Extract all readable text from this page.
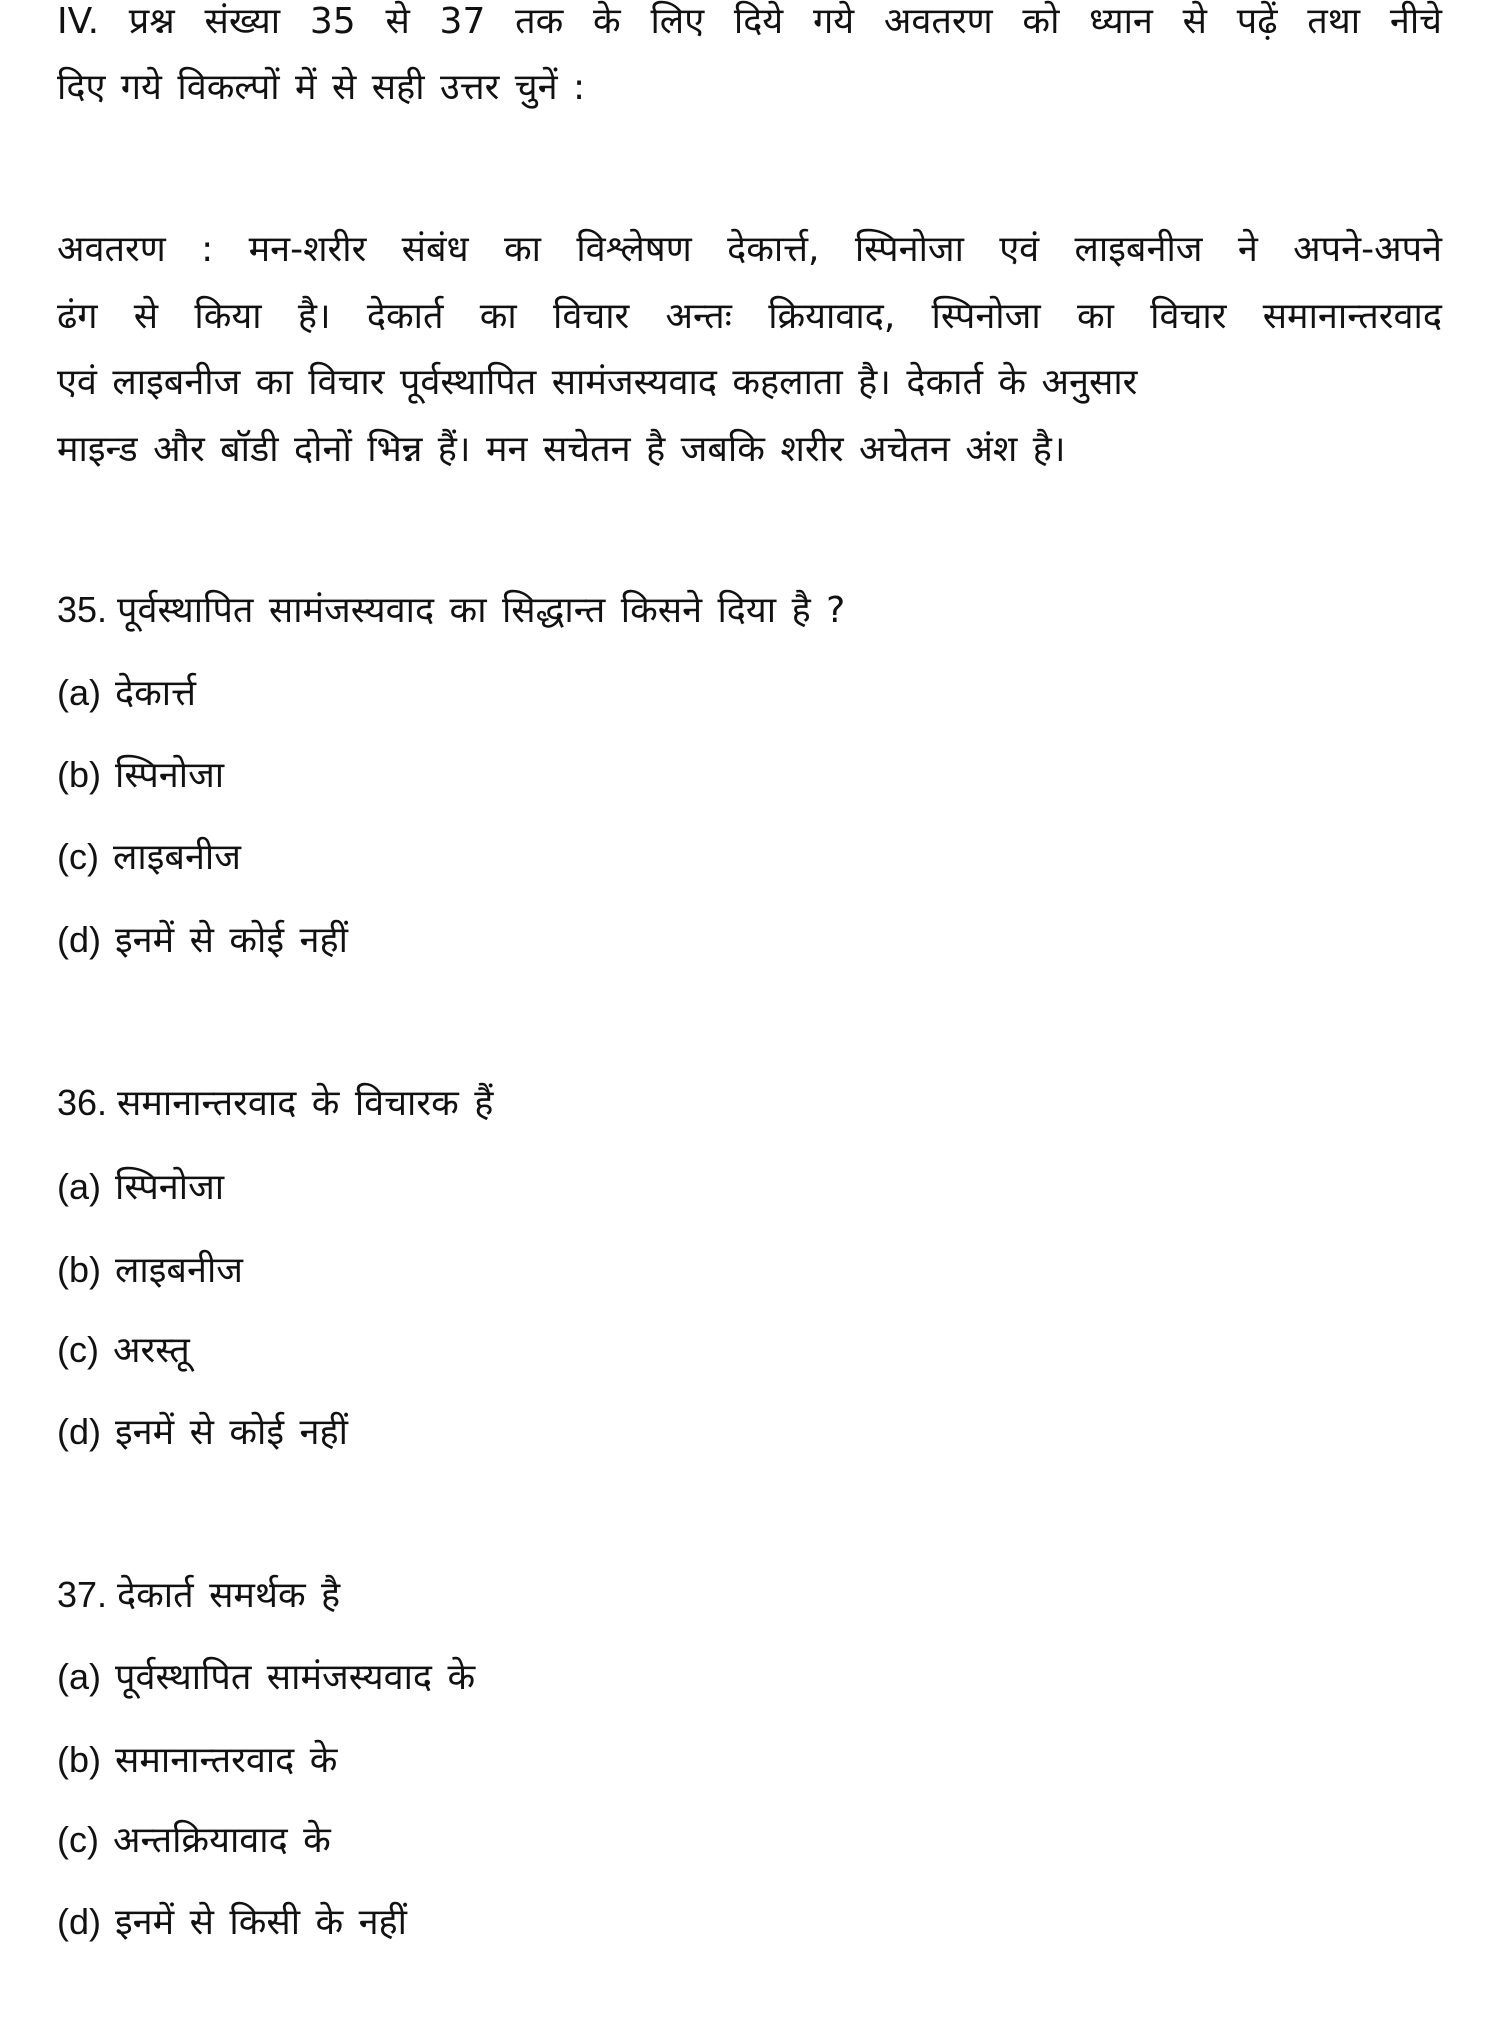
IV. प्रश्न संख्या 35 से 37 तक के लिए दिये गये अवतरण को ध्यान से पढ़ें तथा नीचे
दिए गये विकल्पों में से सही उत्तर चुनें :
अवतरण : मन-शरीर संबंध का विश्लेषण देकार्त्त, स्पिनोजा एवं लाइबनीज ने अपने-अपने
ढंग से किया है। देकार्त का विचार अन्तः क्रियावाद, स्पिनोजा का विचार समानान्तरवाद
एवं लाइबनीज का विचार पूर्वस्थापित सामंजस्यवाद कहलाता है। देकार्त के अनुसार
माइन्ड और बॉडी दोनों भिन्न हैं। मन सचेतन है जबकि शरीर अचेतन अंश है।
35. पूर्वस्थापित सामंजस्यवाद का सिद्धान्त किसने दिया है ?
(a) देकार्त्त
(b) स्पिनोजा
(c) लाइबनीज
(d) इनमें से कोई नहीं
36. समानान्तरवाद के विचारक हैं
(a) स्पिनोजा
(b) लाइबनीज
(c) अरस्तू
(d) इनमें से कोई नहीं
37. देकार्त समर्थक है
(a) पूर्वस्थापित सामंजस्यवाद के
(b) समानान्तरवाद के
(c) अन्तक्रियावाद के
(d) इनमें से किसी के नहीं
